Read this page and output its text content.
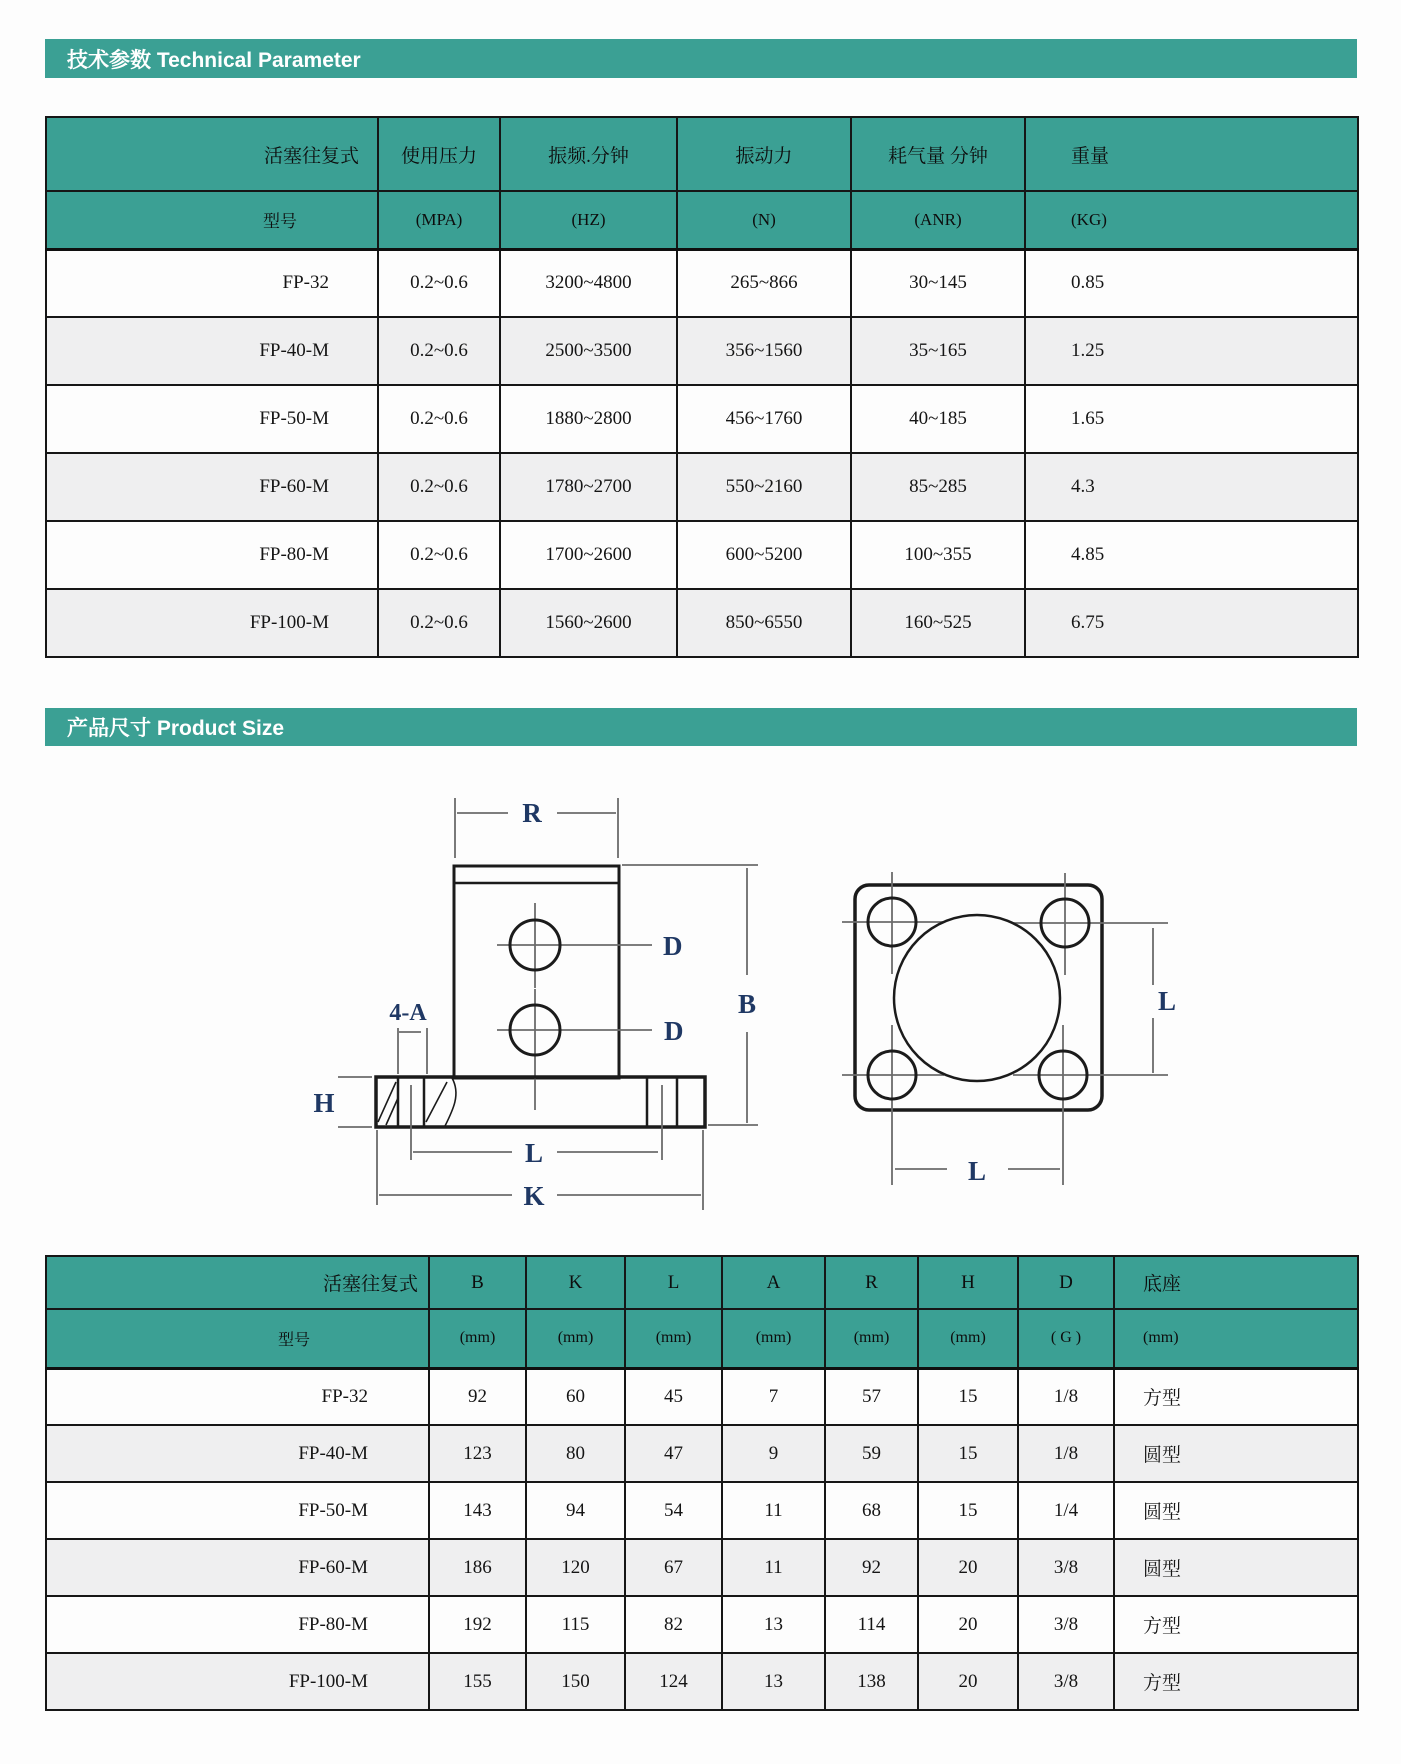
技术参数 Technical Parameter
活塞往复式	使用压力	振频.分钟	振动力	耗气量 分钟	重量
型号	(MPA)	(HZ)	(N)	(ANR)	(KG)
FP-32	0.2~0.6	3200~4800	265~866	30~145	0.85
FP-40-M	0.2~0.6	2500~3500	356~1560	35~165	1.25
FP-50-M	0.2~0.6	1880~2800	456~1760	40~185	1.65
FP-60-M	0.2~0.6	1780~2700	550~2160	85~285	4.3
FP-80-M	0.2~0.6	1700~2600	600~5200	100~355	4.85
FP-100-M	0.2~0.6	1560~2600	850~6550	160~525	6.75
产品尺寸 Product Size
R
D
D
B
4-A
H
L
K
L
L
活塞往复式	B	K	L	A	R	H	D	底座
型号	(mm)	(mm)	(mm)	(mm)	(mm)	(mm)	( G )	(mm)
FP-32	92	60	45	7	57	15	1/8	方型
FP-40-M	123	80	47	9	59	15	1/8	圆型
FP-50-M	143	94	54	11	68	15	1/4	圆型
FP-60-M	186	120	67	11	92	20	3/8	圆型
FP-80-M	192	115	82	13	114	20	3/8	方型
FP-100-M	155	150	124	13	138	20	3/8	方型
